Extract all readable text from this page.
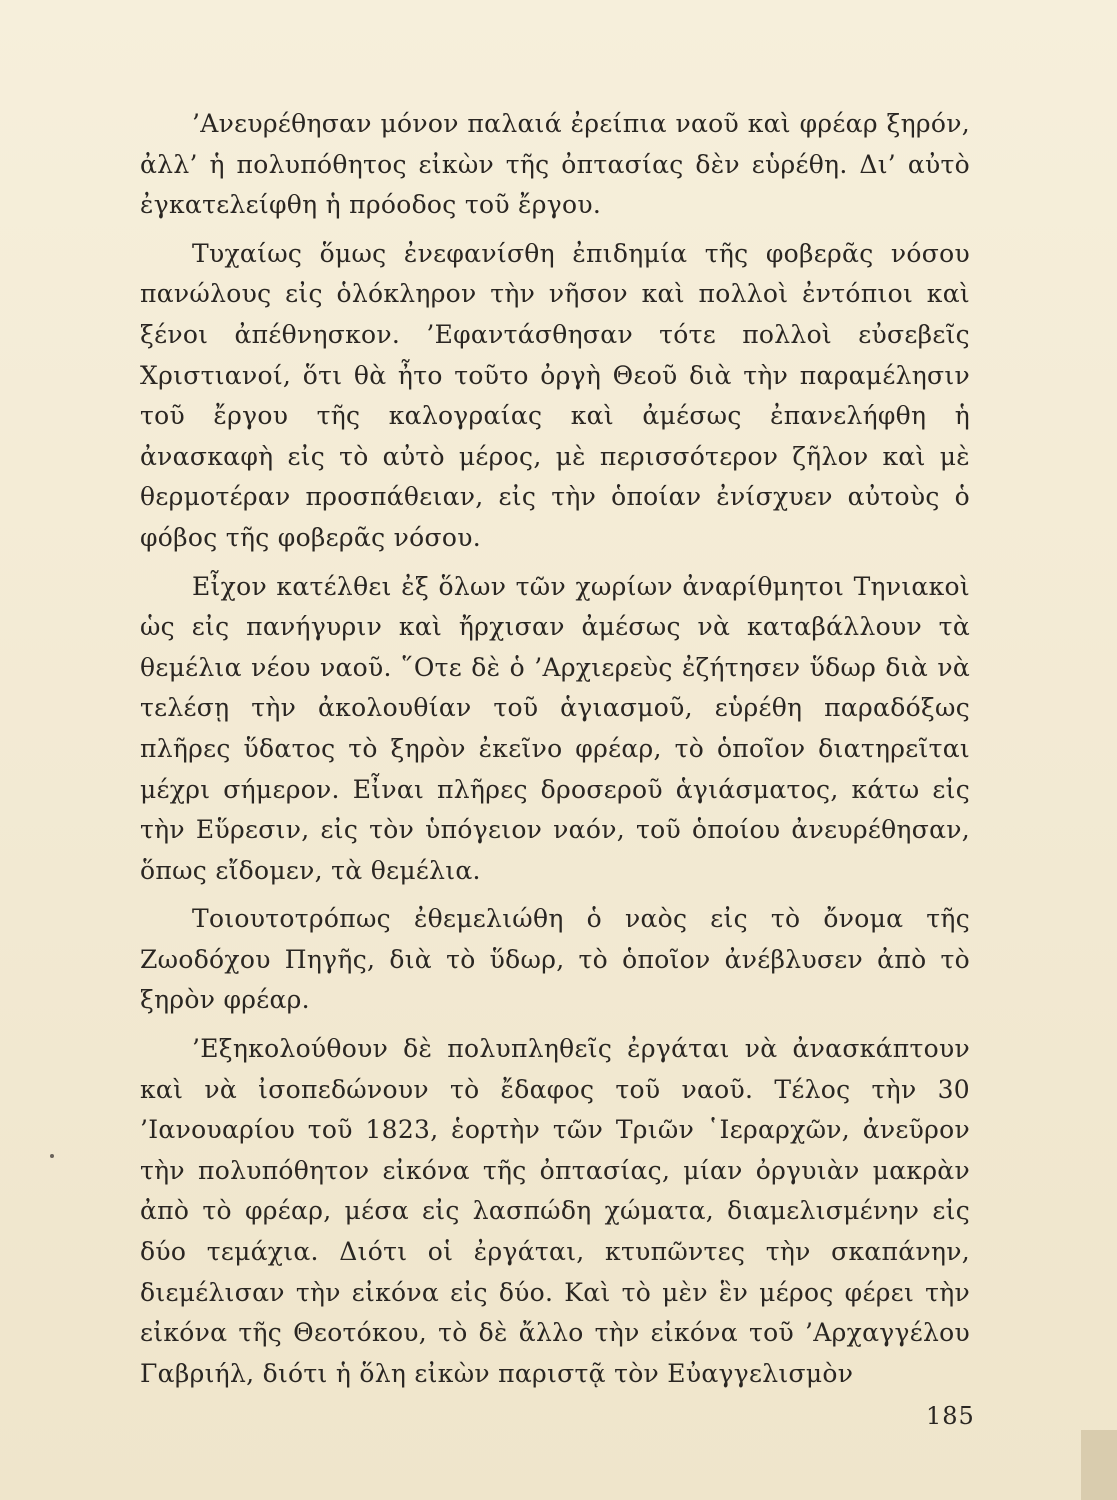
’Ανευρέθησαν μόνον παλαιά ἐρείπια ναοῦ καὶ φρέαρ ξηρόν, ἀλλ’ ἡ πολυπόθητος εἰκὼν τῆς ὀπτασίας δὲν εὑρέθη. Δι’ αὐτὸ ἐγκατελείφθη ἡ πρόοδος τοῦ ἔργου.

Τυχαίως ὅμως ἐνεφανίσθη ἐπιδημία τῆς φοβερᾶς νόσου πανώλους εἰς ὁλόκληρον τὴν νῆσον καὶ πολλοὶ ἐντόπιοι καὶ ξένοι ἀπέθνησκον. ’Εφαντάσθησαν τότε πολλοὶ εὐσεβεῖς Χριστιανοί, ὅτι θὰ ἦτο τοῦτο ὀργὴ Θεοῦ διὰ τὴν παραμέλησιν τοῦ ἔργου τῆς καλογραίας καὶ ἀμέσως ἐπανελήφθη ἡ ἀνασκαφὴ εἰς τὸ αὐτὸ μέρος, μὲ περισσότερον ζῆλον καὶ μὲ θερμοτέραν προσπάθειαν, εἰς τὴν ὁποίαν ἐνίσχυεν αὐτοὺς ὁ φόβος τῆς φοβερᾶς νόσου.

Εἶχον κατέλθει ἐξ ὅλων τῶν χωρίων ἀναρίθμητοι Τηνιακοὶ ὡς εἰς πανήγυριν καὶ ἤρχισαν ἀμέσως νὰ καταβάλλουν τὰ θεμέλια νέου ναοῦ. ῞Οτε δὲ ὁ ’Αρχιερεὺς ἐζήτησεν ὕδωρ διὰ νὰ τελέσῃ τὴν ἀκολουθίαν τοῦ ἁγιασμοῦ, εὑρέθη παραδόξως πλῆρες ὕδατος τὸ ξηρὸν ἐκεῖνο φρέαρ, τὸ ὁποῖον διατηρεῖται μέχρι σήμερον. Εἶναι πλῆρες δροσεροῦ ἁγιάσματος, κάτω εἰς τὴν Εὕρεσιν, εἰς τὸν ὑπόγειον ναόν, τοῦ ὁποίου ἀνευρέθησαν, ὅπως εἴδομεν, τὰ θεμέλια.

Τοιουτοτρόπως ἐθεμελιώθη ὁ ναὸς εἰς τὸ ὄνομα τῆς Ζωοδόχου Πηγῆς, διὰ τὸ ὕδωρ, τὸ ὁποῖον ἀνέβλυσεν ἀπὸ τὸ ξηρὸν φρέαρ.

’Εξηκολούθουν δὲ πολυπληθεῖς ἐργάται νὰ ἀνασκάπτουν καὶ νὰ ἰσοπεδώνουν τὸ ἔδαφος τοῦ ναοῦ. Τέλος τὴν 30 ’Ιανουαρίου τοῦ 1823, ἑορτὴν τῶν Τριῶν ῾Ιεραρχῶν, ἀνεῦρον τὴν πολυπόθητον εἰκόνα τῆς ὀπτασίας, μίαν ὀργυιὰν μακρὰν ἀπὸ τὸ φρέαρ, μέσα εἰς λασπώδη χώματα, διαμελισμένην εἰς δύο τεμάχια. Διότι οἱ ἐργάται, κτυπῶντες τὴν σκαπάνην, διεμέλισαν τὴν εἰκόνα εἰς δύο. Καὶ τὸ μὲν ἓν μέρος φέρει τὴν εἰκόνα τῆς Θεοτόκου, τὸ δὲ ἄλλο τὴν εἰκόνα τοῦ ’Αρχαγγέλου Γαβριήλ, διότι ἡ ὅλη εἰκὼν παριστᾷ τὸν Εὐαγγελισμὸν

185
